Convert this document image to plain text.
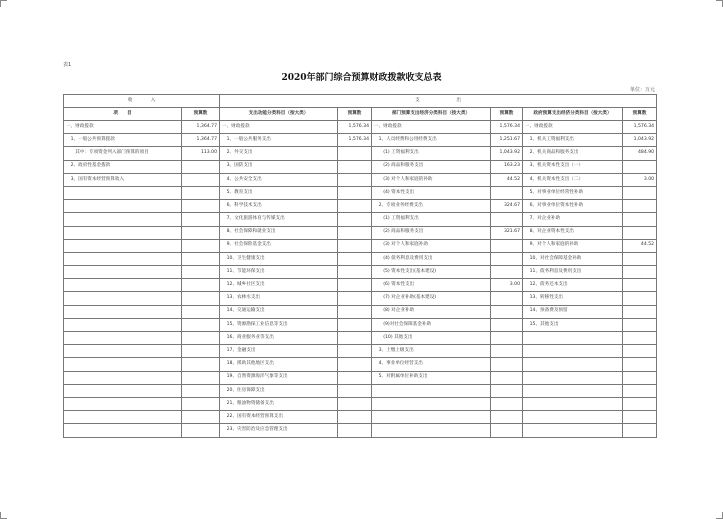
表1
2020年部门综合预算财政拨款收支总表
单位：万元
收　　　　入		支　　　　　　　　出					
项　　目	预算数	支出功能分类科目（按大类）	预算数	部门预算支出经济分类科目（按大类）	预算数	政府预算支出经济分类科目（按大类）	预算数
一、财政拨款	1,364.77	一、财政拨款	1,576.34	一、财政拨款	1,576.34	一、财政拨款	1,576.34
　1、一般公共预算拨款	1,364.77	　1、一般公共服务支出	1,576.34	　1、人员经费和公用经费支出	1,251.67	　1、机关工资福利支出	1,043.92
　　其中：专项资金列入部门预算的项目	113.00	　2、外交支出		　　(1) 工资福利支出	1,043.92	　2、机关商品和服务支出	484.90
　2、政府性基金拨款		　3、国防支出		　　(2) 商品和服务支出	163.23	　3、机关资本性支出（一）	
　3、国有资本经营预算收入		　4、公共安全支出		　　(3) 对个人和家庭的补助	44.52	　4、机关资本性支出（二）	3.00
		　5、教育支出		　　(4) 资本性支出		　5、对事业单位经常性补助	
		　6、科学技术支出		　2、专项业务经费支出	324.67	　6、对事业单位资本性补助	
		　7、文化旅游体育与传媒支出		　　(1) 工资福利支出		　7、对企业补助	
		　8、社会保障和就业支出		　　(2) 商品和服务支出	321.67	　8、对企业资本性支出	
		　9、社会保险基金支出		　　(3) 对个人和家庭补助		　9、对个人和家庭的补助	44.52
		　10、卫生健康支出		　　(4) 债务利息及费用支出		　10、对社会保障基金补助	
		　11、节能环保支出		　　(5) 资本性支出(基本建设)		　11、债务利息及费用支出	
		　12、城乡社区支出		　　(6) 资本性支出	3.00	　12、债务还本支出	
		　13、农林水支出		　　(7) 对企业补助(基本建设)		　13、转移性支出	
		　14、交通运输支出		　　(8) 对企业补助		　14、预备费及预留	
		　15、资源勘探工业信息等支出		　　(9)对社会保障基金补助		　15、其他支出	
		　16、商业服务业等支出		　　(10) 其他支出			
		　17、金融支出		　3、上缴上级支出			
		　18、援助其他地区支出		　4、事业单位经营支出			
		　19、自然资源海洋气象等支出		　5、对附属单位补助支出			
		　20、住房保障支出					
		　21、粮油物资储备支出					
		　22、国有资本经营预算支出					
		　23、灾害防治及应急管理支出					
